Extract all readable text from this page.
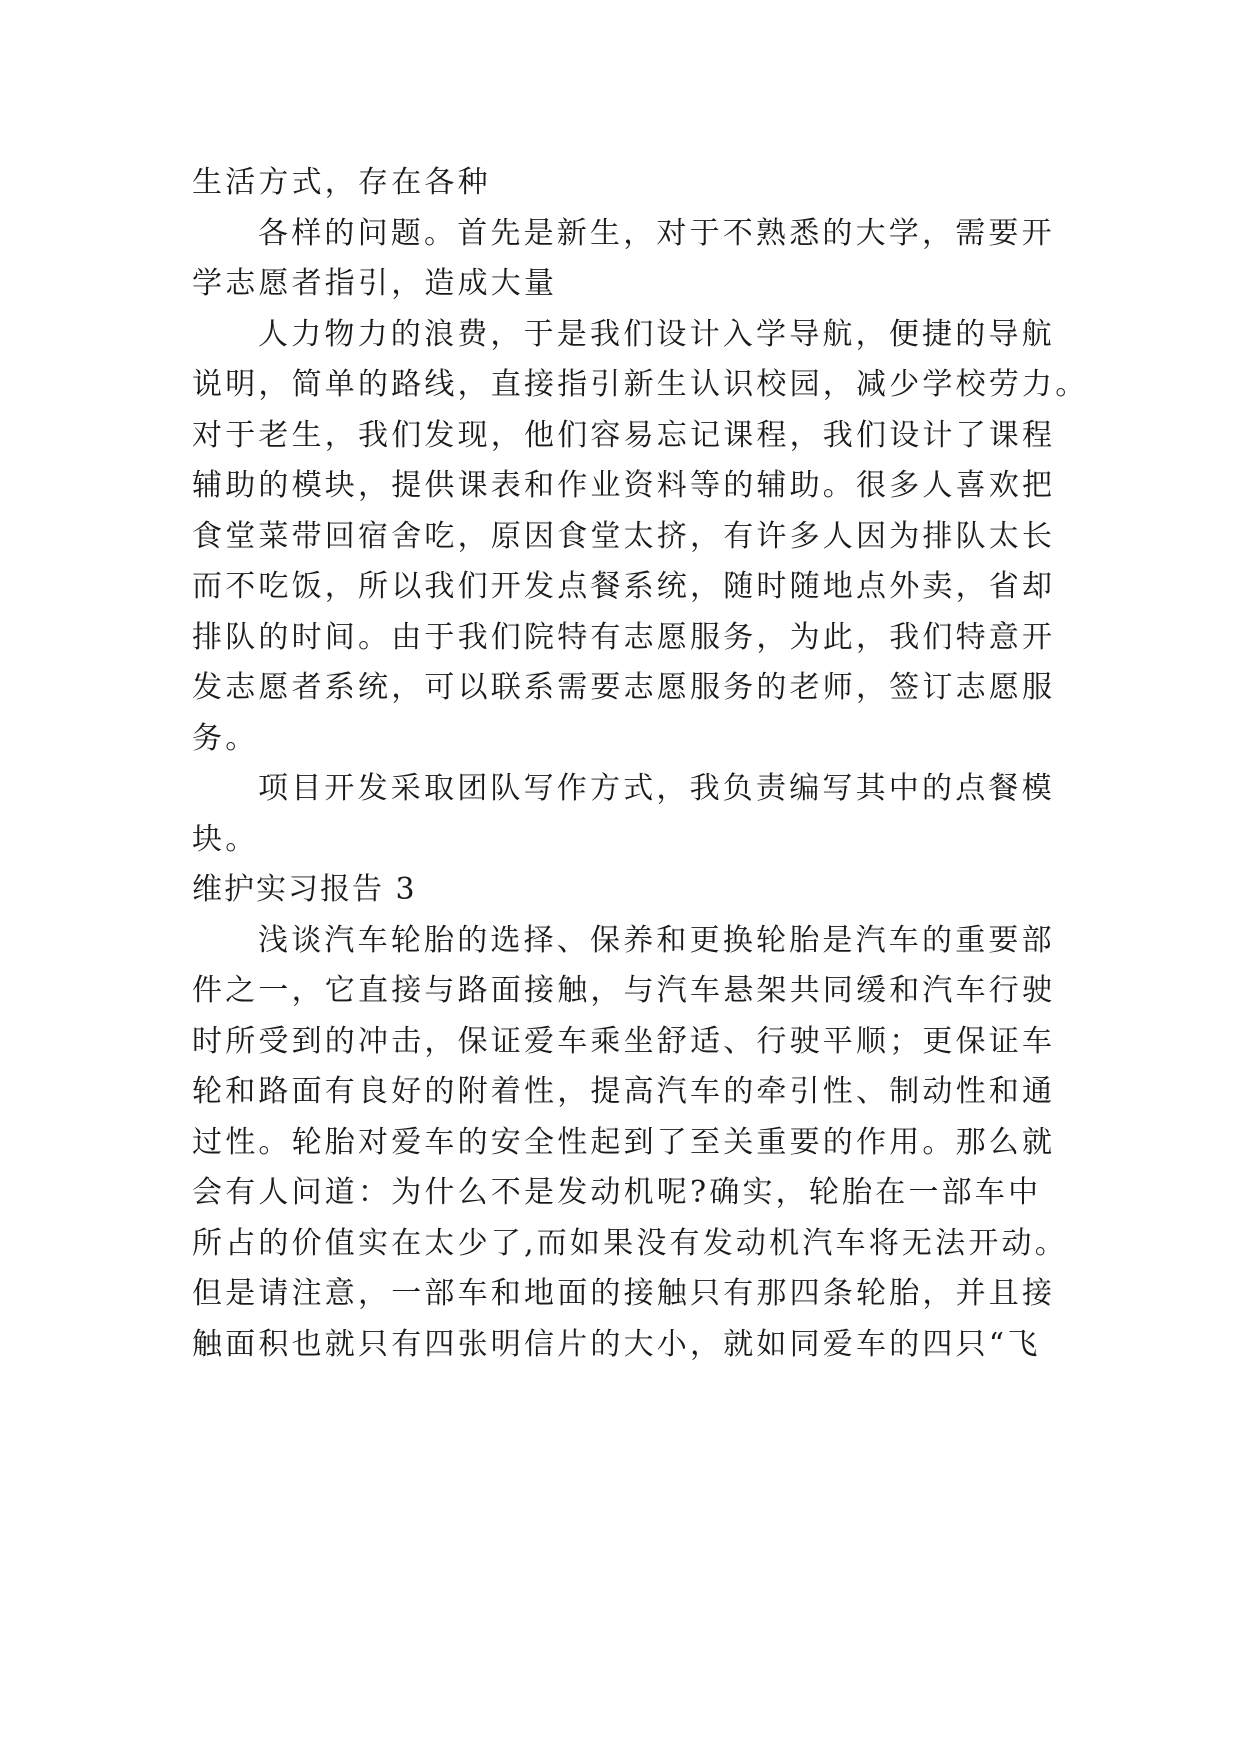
生活方式，存在各种

各样的问题。首先是新生，对于不熟悉的大学，需要开
学志愿者指引，造成大量

人力物力的浪费，于是我们设计入学导航，便捷的导航
说明，简单的路线，直接指引新生认识校园，减少学校劳力。
对于老生，我们发现，他们容易忘记课程，我们设计了课程
辅助的模块，提供课表和作业资料等的辅助。很多人喜欢把
食堂菜带回宿舍吃，原因食堂太挤，有许多人因为排队太长
而不吃饭，所以我们开发点餐系统，随时随地点外卖，省却
排队的时间。由于我们院特有志愿服务，为此，我们特意开
发志愿者系统，可以联系需要志愿服务的老师，签订志愿服
务。

项目开发采取团队写作方式，我负责编写其中的点餐模
块。

维护实习报告 3

浅谈汽车轮胎的选择、保养和更换轮胎是汽车的重要部
件之一，它直接与路面接触，与汽车悬架共同缓和汽车行驶
时所受到的冲击，保证爱车乘坐舒适、行驶平顺；更保证车
轮和路面有良好的附着性，提高汽车的牵引性、制动性和通
过性。轮胎对爱车的安全性起到了至关重要的作用。那么就
会有人问道：为什么不是发动机呢?确实，轮胎在一部车中
所占的价值实在太少了,而如果没有发动机汽车将无法开动。
但是请注意，一部车和地面的接触只有那四条轮胎，并且接
触面积也就只有四张明信片的大小，就如同爱车的四只“飞
